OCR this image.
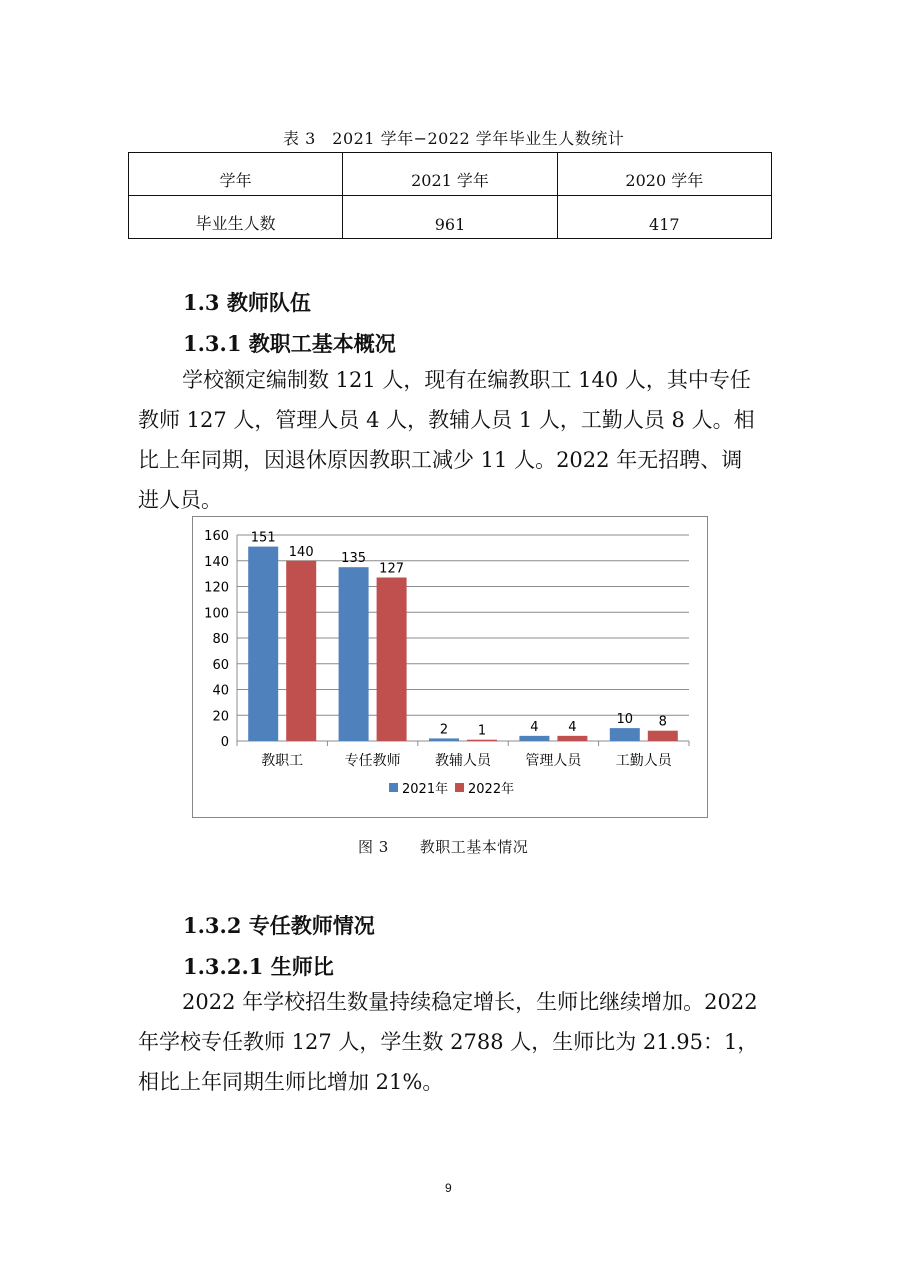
表 3　2021 学年−2022 学年毕业生人数统计
学年	2021 学年	2020 学年
毕业生人数	961	417
1.3 教师队伍
1.3.1 教职工基本概况
学校额定编制数 121 人，现有在编教职工 140 人，其中专任
教师 127 人，管理人员 4 人，教辅人员 1 人，工勤人员 8 人。相
比上年同期，因退休原因教职工减少 11 人。2022 年无招聘、调
进人员。
0
20
40
60
80
100
120
140
160 151
140
教职工
135
127
专任教师
2 1
教辅人员
4 4
管理人员
10 8
工勤人员
2021年 2022年
图 3　　教职工基本情况
1.3.2 专任教师情况
1.3.2.1 生师比
2022 年学校招生数量持续稳定增长，生师比继续增加。2022
年学校专任教师 127 人，学生数 2788 人，生师比为 21.95：1，
相比上年同期生师比增加 21%。
9
